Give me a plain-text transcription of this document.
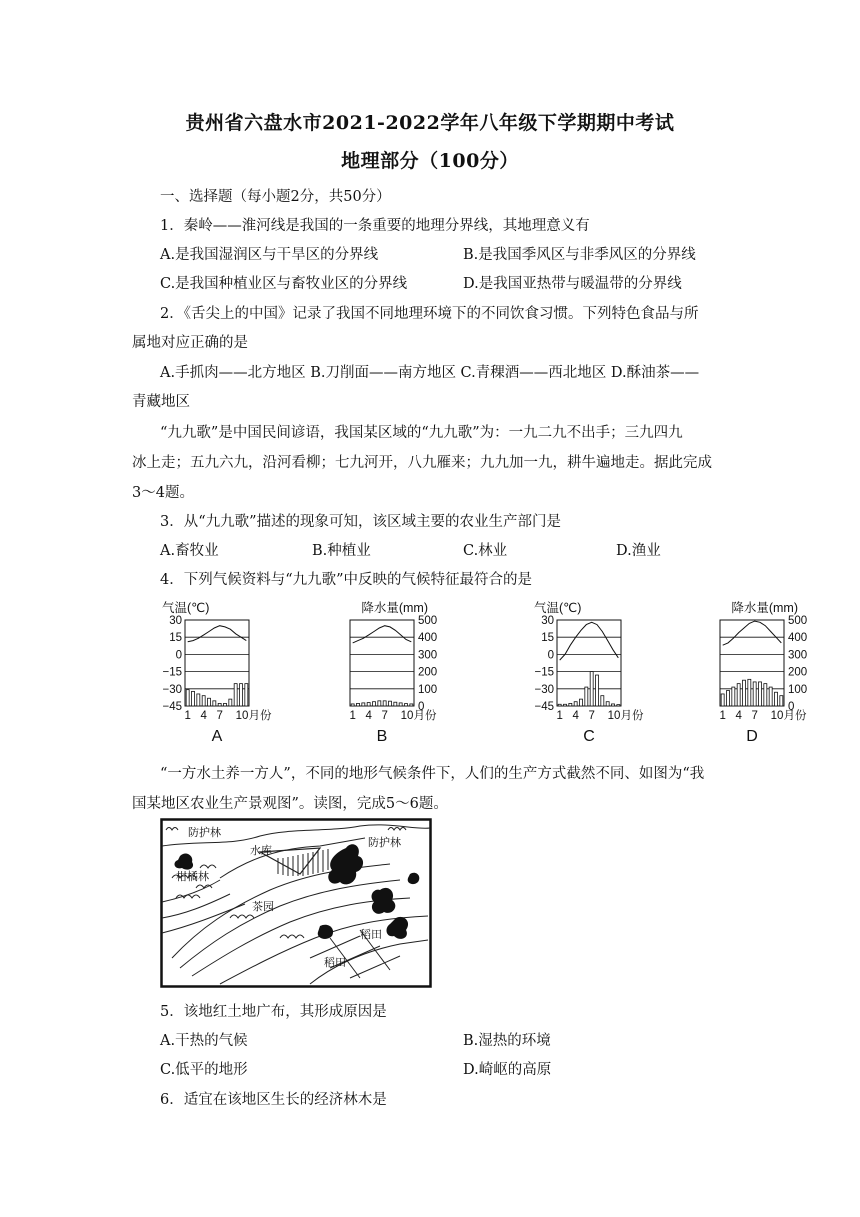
贵州省六盘水市2021-2022学年八年级下学期期中考试
地理部分（100分）
一、选择题（每小题2分，共50分）
1．秦岭——淮河线是我国的一条重要的地理分界线，其地理意义有
A.是我国湿润区与干旱区的分界线	B.是我国季风区与非季风区的分界线
C.是我国种植业区与畜牧业区的分界线	D.是我国亚热带与暖温带的分界线
2．《舌尖上的中国》记录了我国不同地理环境下的不同饮食习惯。下列特色食品与所
属地对应正确的是
A.手抓肉——北方地区 B.刀削面——南方地区 C.青稞酒——西北地区 D.酥油茶——
青藏地区
“九九歌”是中国民间谚语，我国某区域的“九九歌”为：一九二九不出手；三九四九
冰上走；五九六九，沿河看柳；七九河开，八九雁来；九九加一九，耕牛遍地走。据此完成
3～4题。
3．从“九九歌”描述的现象可知，该区域主要的农业生产部门是
A.畜牧业	B.种植业	C.林业	D.渔业
4．下列气候资料与“九九歌”中反映的气候特征最符合的是
气温(℃)
30
15
0
−15
−30
−45
1 4 7 10月份
A
降水量(mm)
500
400
300
200
100
0
1 4 7 10月份
B
气温(℃)
30
15
0
−15
−30
−45
1 4 7 10月份
C
降水量(mm)
500
400
300
200
100
0
1 4 7 10月份
D
“一方水土养一方人”，不同的地形气候条件下，人们的生产方式截然不同、如图为“我
国某地区农业生产景观图”。读图，完成5～6题。
防护林
水库
防护林
柑橘林
茶园
稻田
稻田
5．该地红土地广布，其形成原因是
A.干热的气候	B.湿热的环境
C.低平的地形	D.崎岖的高原
6．适宜在该地区生长的经济林木是
